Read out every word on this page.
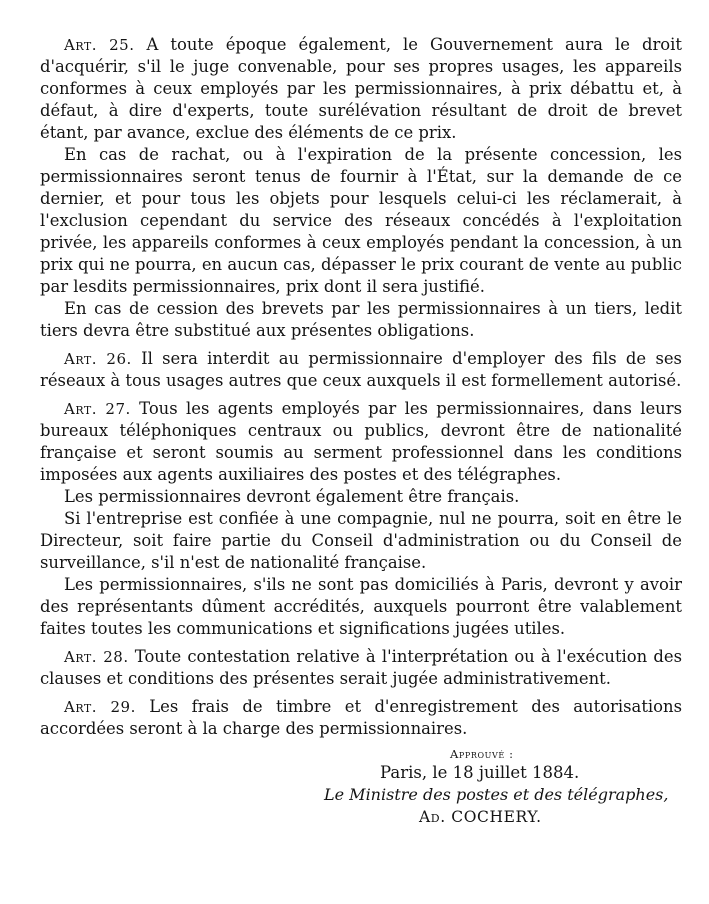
Art. 25. A toute époque également, le Gouvernement aura le droit d'acquérir, s'il le juge convenable, pour ses propres usages, les appareils conformes à ceux employés par les permissionnaires, à prix débattu et, à défaut, à dire d'experts, toute surélévation résultant de droit de brevet étant, par avance, exclue des éléments de ce prix.

En cas de rachat, ou à l'expiration de la présente concession, les permissionnaires seront tenus de fournir à l'État, sur la demande de ce dernier, et pour tous les objets pour lesquels celui-ci les réclamerait, à l'exclusion cependant du service des réseaux concédés à l'exploitation privée, les appareils conformes à ceux employés pendant la concession, à un prix qui ne pourra, en aucun cas, dépasser le prix courant de vente au public par lesdits permissionnaires, prix dont il sera justifié.

En cas de cession des brevets par les permissionnaires à un tiers, ledit tiers devra être substitué aux présentes obligations.

Art. 26. Il sera interdit au permissionnaire d'employer des fils de ses réseaux à tous usages autres que ceux auxquels il est formellement autorisé.

Art. 27. Tous les agents employés par les permissionnaires, dans leurs bureaux téléphoniques centraux ou publics, devront être de nationalité française et seront soumis au serment professionnel dans les conditions imposées aux agents auxiliaires des postes et des télégraphes.

Les permissionnaires devront également être français.

Si l'entreprise est confiée à une compagnie, nul ne pourra, soit en être le Directeur, soit faire partie du Conseil d'administration ou du Conseil de surveillance, s'il n'est de nationalité française.

Les permissionnaires, s'ils ne sont pas domiciliés à Paris, devront y avoir des représentants dûment accrédités, auxquels pourront être valablement faites toutes les communications et significations jugées utiles.

Art. 28. Toute contestation relative à l'interprétation ou à l'exécution des clauses et conditions des présentes serait jugée administrativement.

Art. 29. Les frais de timbre et d'enregistrement des autorisations accordées seront à la charge des permissionnaires.

Approuvé :
Paris, le 18 juillet 1884.
Le Ministre des postes et des télégraphes,
Ad. COCHERY.
